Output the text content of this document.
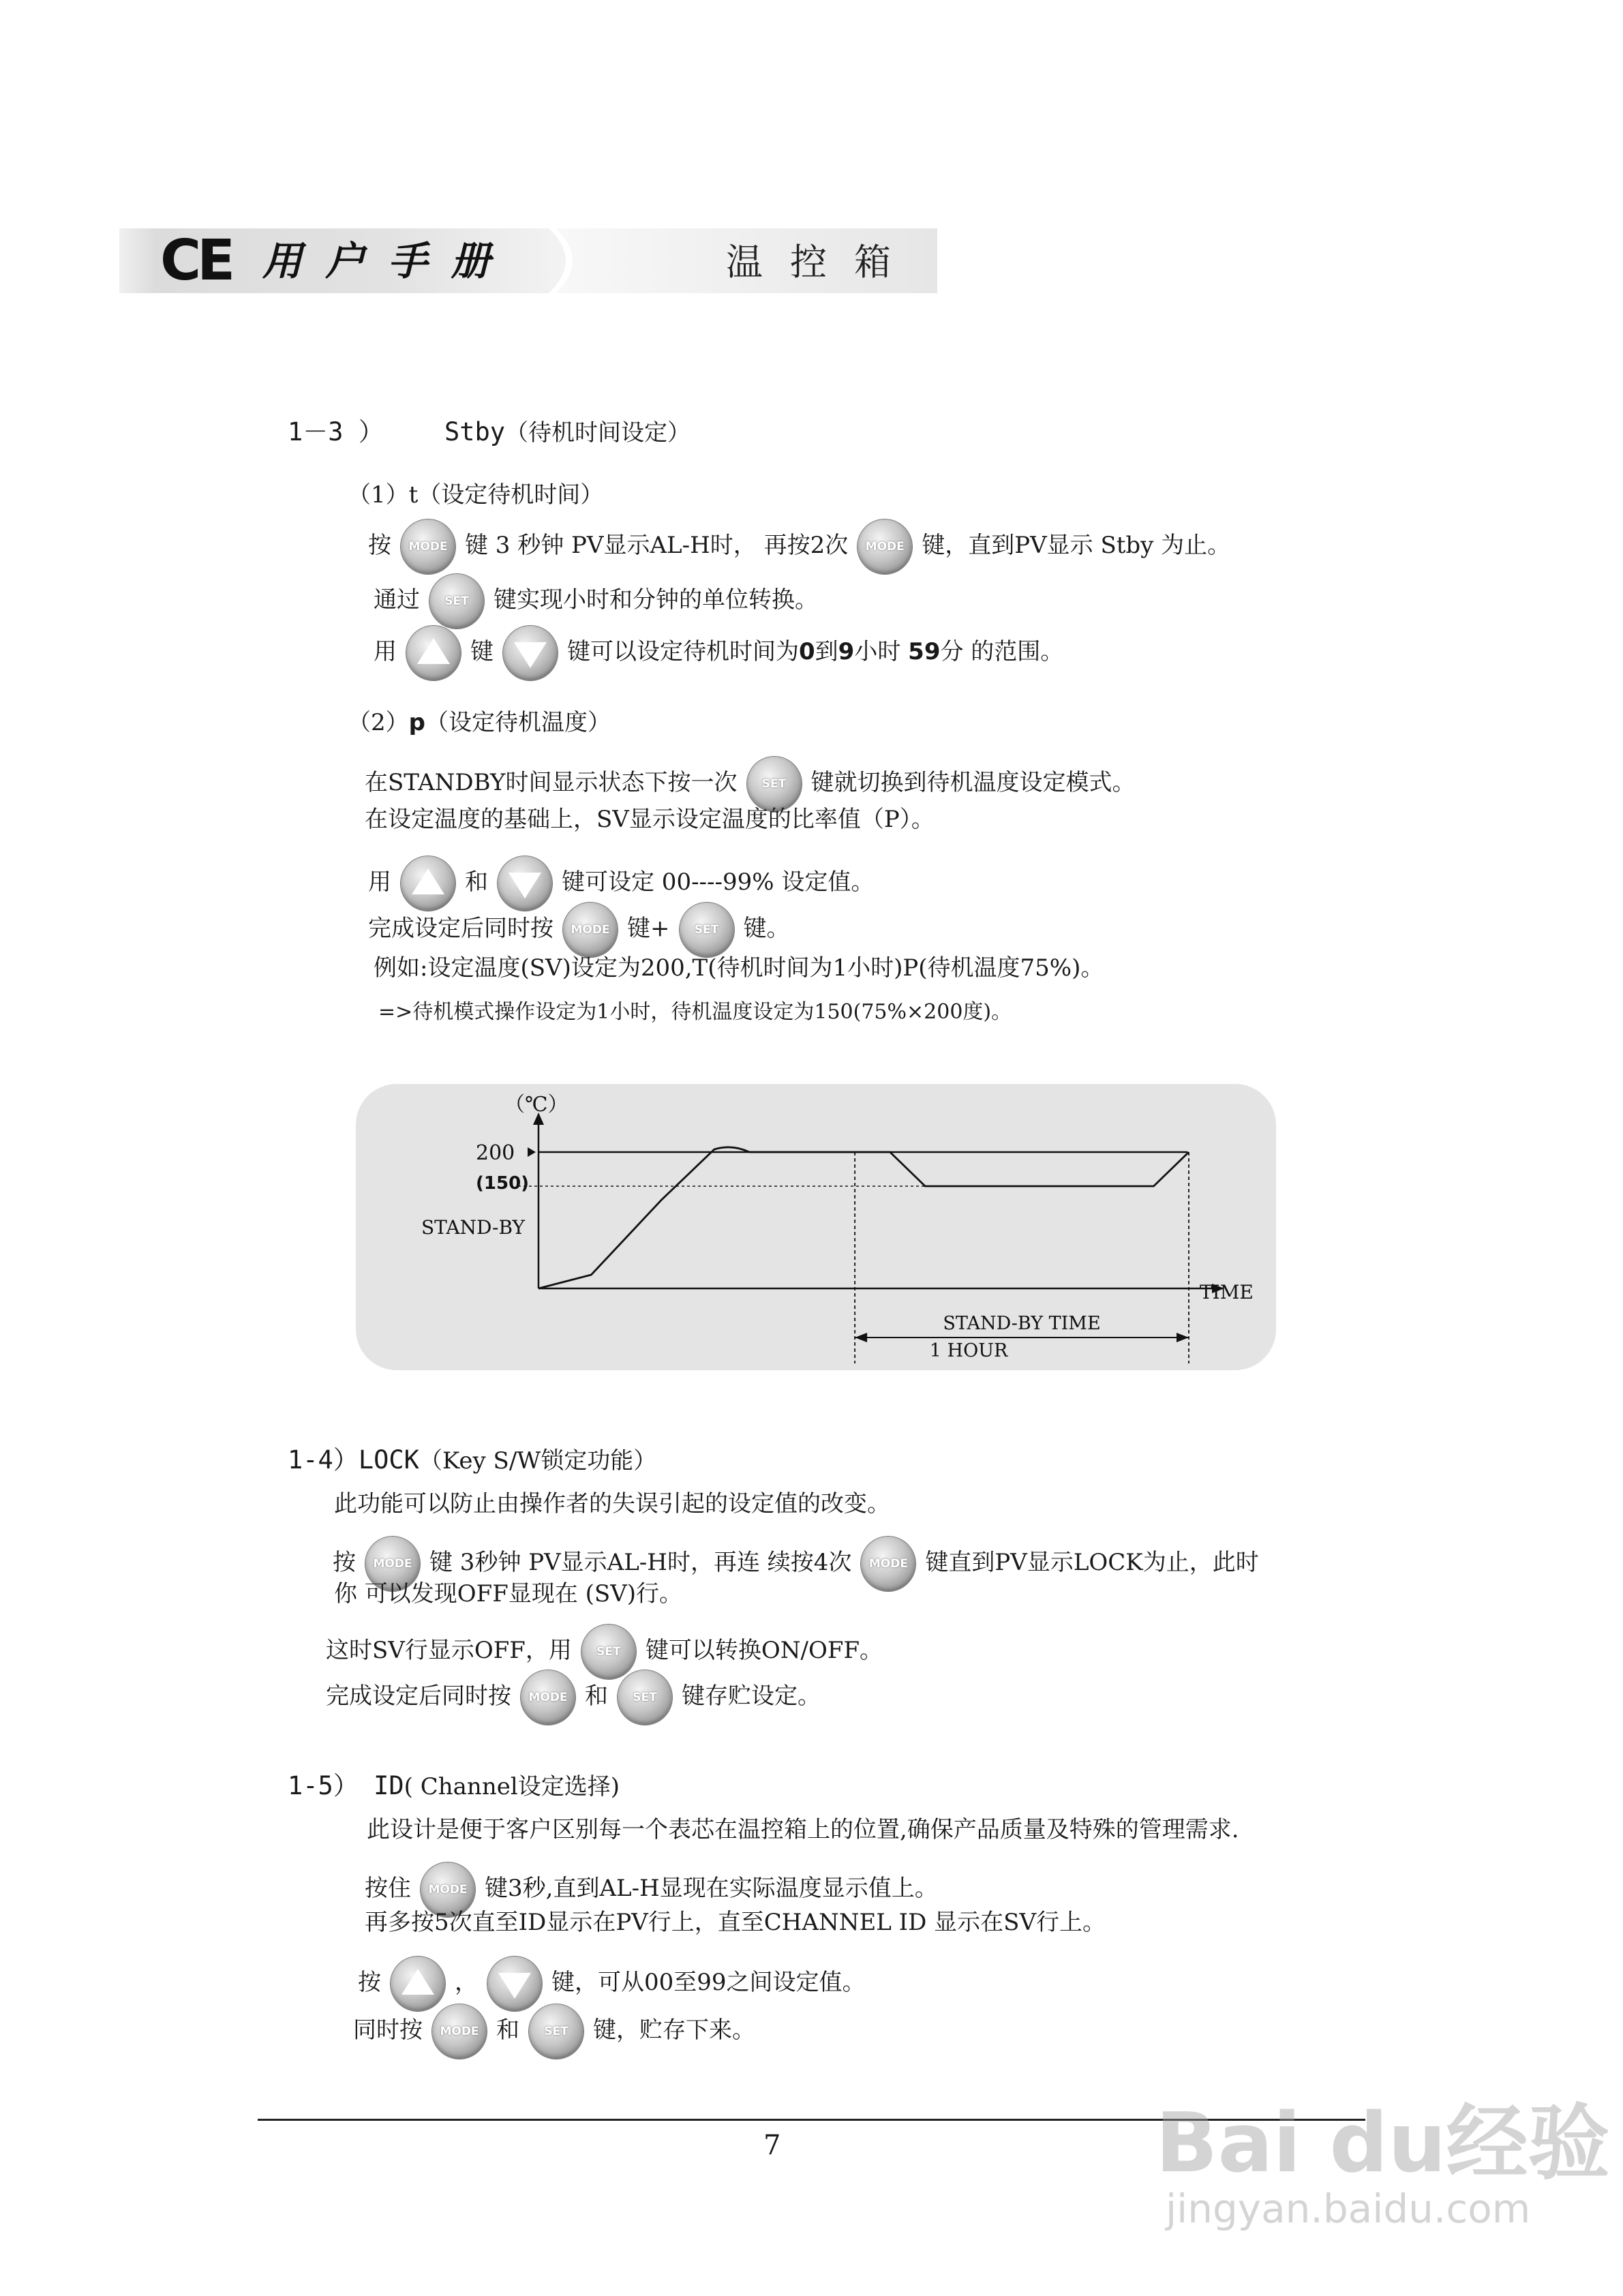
CE 用户手册	温控箱
1－3 ） Stby（待机时间设定）
（1）t（设定待机时间）
按 MODE 键 3 秒钟 PV显示AL-H时， 再按2次 MODE 键，直到PV显示 Stby 为止。
通过 SET 键实现小时和分钟的单位转换。
用	键	键可以设定待机时间为0到9小时 59分 的范围。
（2）p（设定待机温度）
在STANDBY时间显示状态下按一次 SET 键就切换到待机温度设定模式。
在设定温度的基础上，SV显示设定温度的比率值（P）。
用	和	键可设定 00----99% 设定值。
完成设定后同时按 MODE 键+ SET 键。
例如:设定温度(SV)设定为200,T(待机时间为1小时)P(待机温度75%)。
=>待机模式操作设定为1小时，待机温度设定为150(75%×200度)。
（℃）
200
(150)
STAND-BY
TIME
STAND-BY TIME
1 HOUR
1-4）LOCK（Key S/W锁定功能）
此功能可以防止由操作者的失误引起的设定值的改变。
按 MODE 键 3秒钟 PV显示AL-H时，再连 续按4次 MODE 键直到PV显示LOCK为止，此时
你 可以发现OFF显现在 (SV)行。
这时SV行显示OFF，用 SET 键可以转换ON/OFF。
完成设定后同时按 MODE 和 SET 键存贮设定。
1-5） ID( Channel设定选择)
此设计是便于客户区别每一个表芯在温控箱上的位置,确保产品质量及特殊的管理需求.
按住 MODE 键3秒,直到AL-H显现在实际温度显示值上。
再多按5次直至ID显示在PV行上，直至CHANNEL ID 显示在SV行上。
按	，	键，可从00至99之间设定值。
同时按 MODE 和 SET 键，贮存下来。
7	Bai du经验
jingyan.baidu.com
